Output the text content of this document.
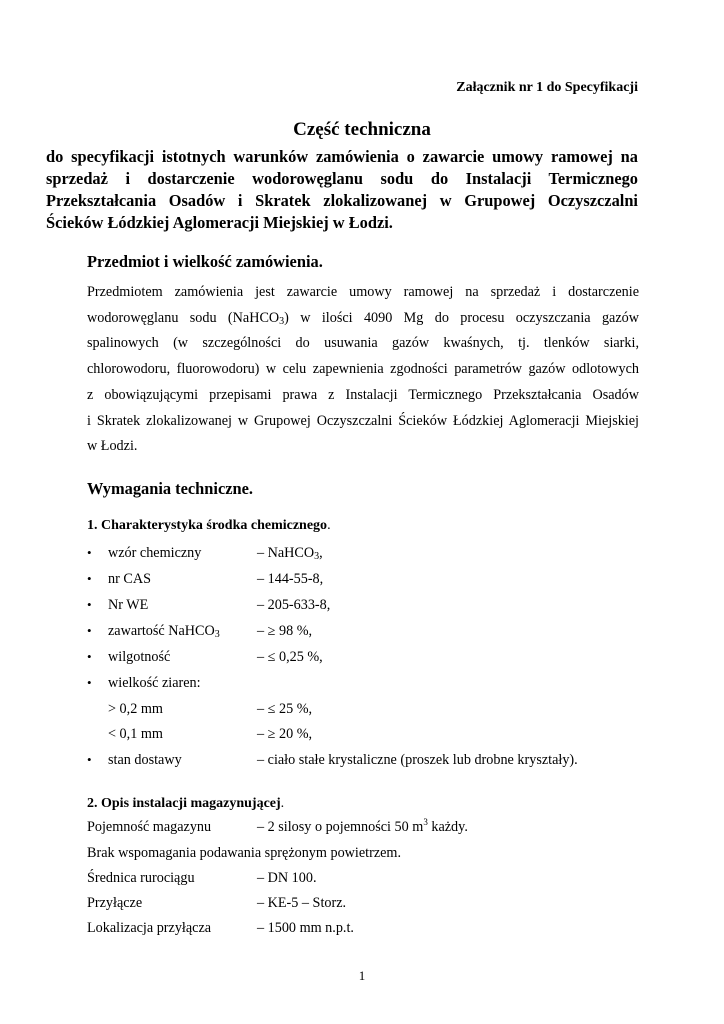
Załącznik nr 1 do Specyfikacji
Część techniczna
do specyfikacji istotnych warunków zamówienia o zawarcie umowy ramowej na
sprzedaż i dostarczenie wodorowęglanu sodu do Instalacji Termicznego
Przekształcania Osadów i Skratek zlokalizowanej w Grupowej Oczyszczalni
Ścieków Łódzkiej Aglomeracji Miejskiej w Łodzi.
Przedmiot i wielkość zamówienia.
Przedmiotem zamówienia jest zawarcie umowy ramowej na sprzedaż i dostarczenie
wodorowęglanu sodu (NaHCO$_3$) w ilości 4090 Mg do procesu oczyszczania gazów
spalinowych (w szczególności do usuwania gazów kwaśnych, tj. tlenków siarki,
chlorowodoru, fluorowodoru) w celu zapewnienia zgodności parametrów gazów odlotowych
z obowiązującymi przepisami prawa z Instalacji Termicznego Przekształcania Osadów
i Skratek zlokalizowanej w Grupowej Oczyszczalni Ścieków Łódzkiej Aglomeracji Miejskiej
w Łodzi.
Wymagania techniczne.
1. Charakterystyka środka chemicznego.
• wzór chemiczny	– NaHCO$_3$,
• nr CAS	– 144-55-8,
• Nr WE	– 205-633-8,
• zawartość NaHCO$_3$	– ≥ 98 %,
• wilgotność	– ≤ 0,25 %,
• wielkość ziaren:
> 0,2 mm	– ≤ 25 %,
< 0,1 mm	– ≥ 20 %,
• stan dostawy	– ciało stałe krystaliczne (proszek lub drobne kryształy).
2. Opis instalacji magazynującej.
Pojemność magazynu	– 2 silosy o pojemności 50 $m^3$ każdy.
Brak wspomagania podawania sprężonym powietrzem.
Średnica rurociągu	– DN 100.
Przyłącze	– KE-5 – Storz.
Lokalizacja przyłącza	– 1500 mm n.p.t.
1
